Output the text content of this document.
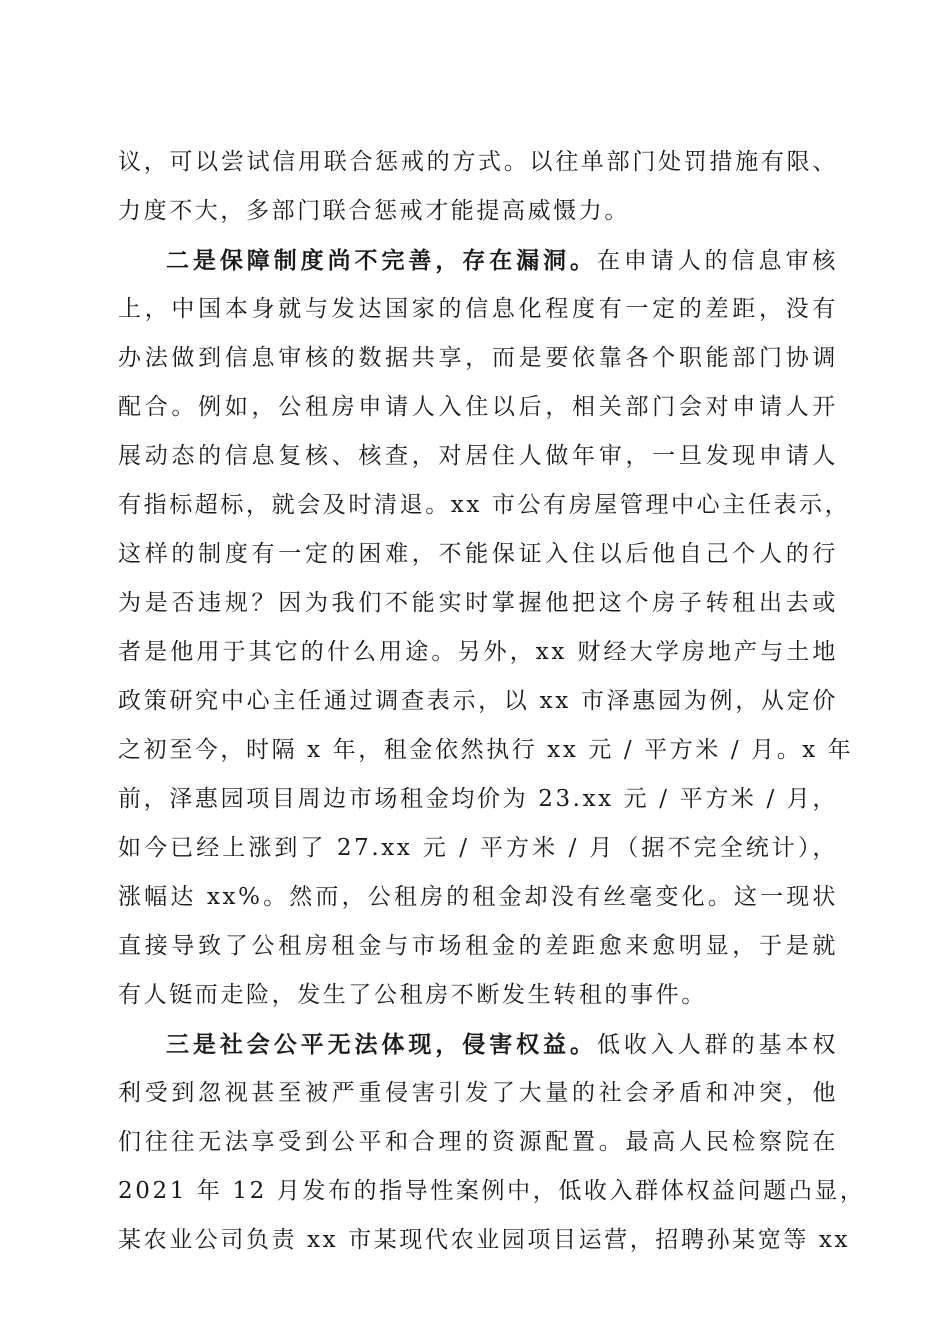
议，可以尝试信用联合惩戒的方式。以往单部门处罚措施有限、
力度不大，多部门联合惩戒才能提高威慑力。
二是保障制度尚不完善，存在漏洞。在申请人的信息审核
上，中国本身就与发达国家的信息化程度有一定的差距，没有
办法做到信息审核的数据共享，而是要依靠各个职能部门协调
配合。例如，公租房申请人入住以后，相关部门会对申请人开
展动态的信息复核、核查，对居住人做年审，一旦发现申请人
有指标超标，就会及时清退。xx 市公有房屋管理中心主任表示，
这样的制度有一定的困难，不能保证入住以后他自己个人的行
为是否违规？因为我们不能实时掌握他把这个房子转租出去或
者是他用于其它的什么用途。另外，xx 财经大学房地产与土地
政策研究中心主任通过调查表示，以 xx 市泽惠园为例，从定价
之初至今，时隔 x 年，租金依然执行 xx 元 / 平方米 / 月。x 年
前，泽惠园项目周边市场租金均价为 23.xx 元 / 平方米 / 月，
如今已经上涨到了 27.xx 元 / 平方米 / 月（据不完全统计），
涨幅达 xx%。然而，公租房的租金却没有丝毫变化。这一现状
直接导致了公租房租金与市场租金的差距愈来愈明显，于是就
有人铤而走险，发生了公租房不断发生转租的事件。
三是社会公平无法体现，侵害权益。低收入人群的基本权
利受到忽视甚至被严重侵害引发了大量的社会矛盾和冲突，他
们往往无法享受到公平和合理的资源配置。最高人民检察院在
2021 年 12 月发布的指导性案例中，低收入群体权益问题凸显，
某农业公司负责 xx 市某现代农业园项目运营，招聘孙某宽等 xx
